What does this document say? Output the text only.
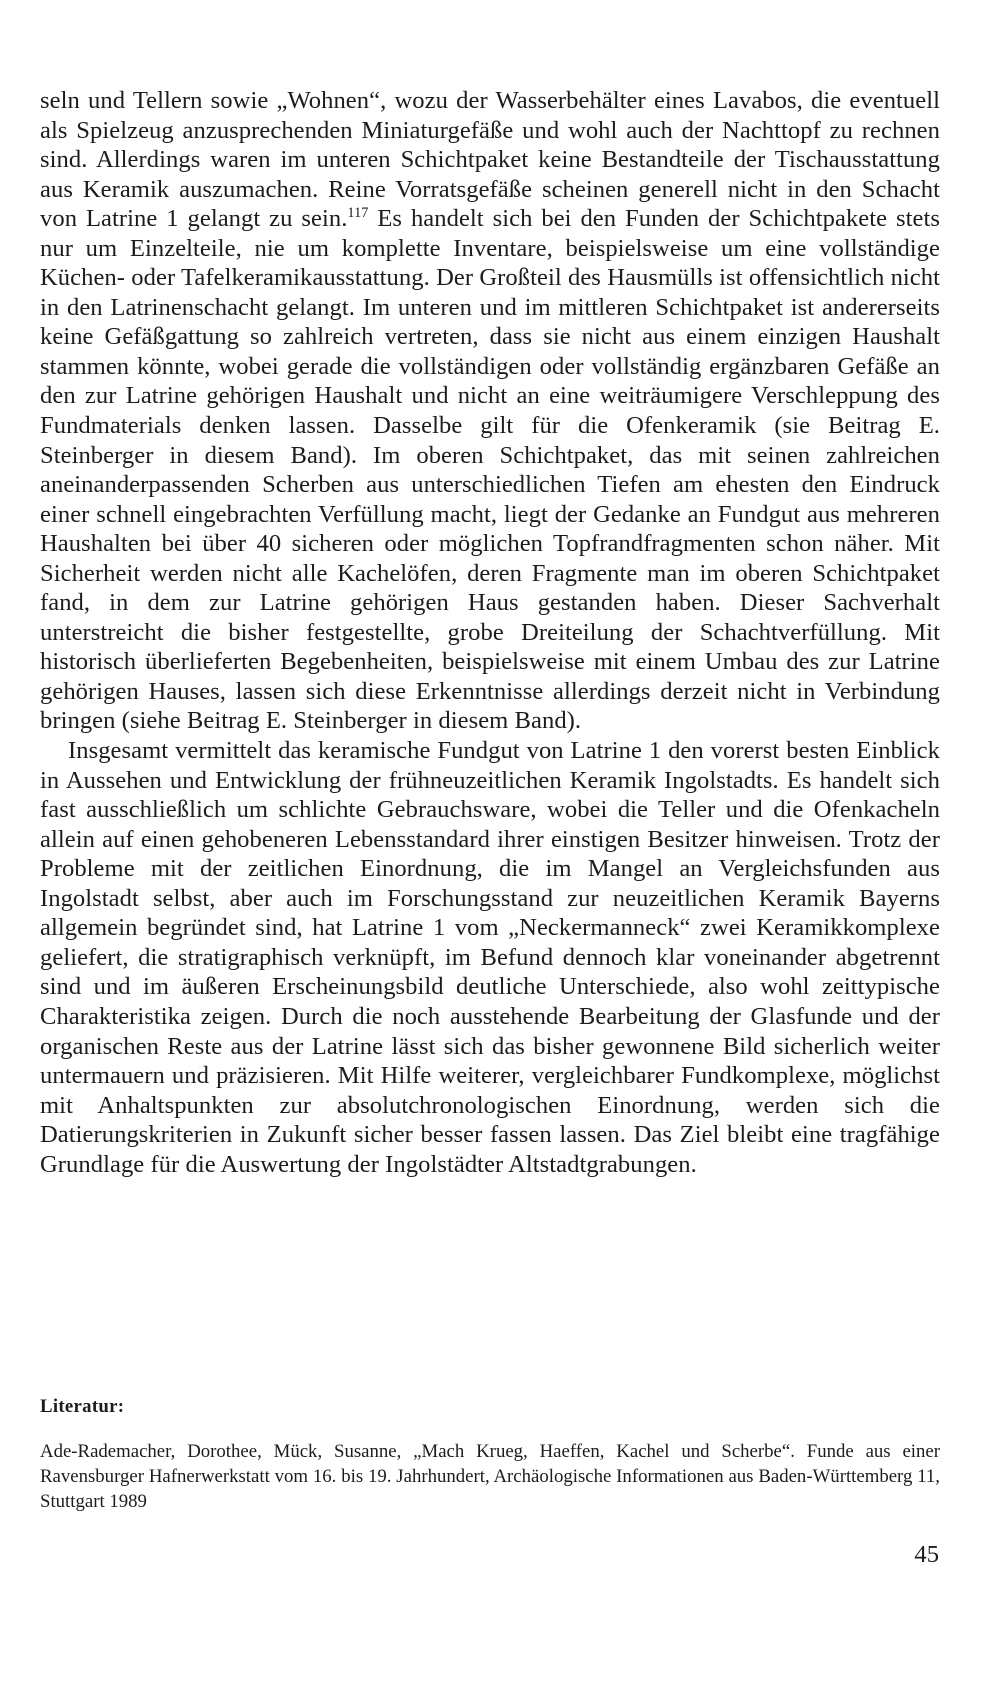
seln und Tellern sowie „Wohnen“, wozu der Wasserbehälter eines Lavabos, die eventuell als Spielzeug anzusprechenden Miniaturgefäße und wohl auch der Nachttopf zu rechnen sind. Allerdings waren im unteren Schichtpaket keine Bestandteile der Tischausstattung aus Keramik auszumachen. Reine Vorratsgefäße scheinen generell nicht in den Schacht von Latrine 1 gelangt zu sein.$^{117}$ Es handelt sich bei den Funden der Schichtpakete stets nur um Einzelteile, nie um komplette Inventare, beispielsweise um eine vollständige Küchen- oder Tafelkeramikausstattung. Der Großteil des Hausmülls ist offensichtlich nicht in den Latrinenschacht gelangt. Im unteren und im mittleren Schichtpaket ist andererseits keine Gefäßgattung so zahlreich vertreten, dass sie nicht aus einem einzigen Haushalt stammen könnte, wobei gerade die vollständigen oder vollständig ergänzbaren Gefäße an den zur Latrine gehörigen Haushalt und nicht an eine weiträumigere Verschleppung des Fundmaterials denken lassen. Dasselbe gilt für die Ofenkeramik (sie Beitrag E. Steinberger in diesem Band). Im oberen Schichtpaket, das mit seinen zahlreichen aneinanderpassenden Scherben aus unterschiedlichen Tiefen am ehesten den Eindruck einer schnell eingebrachten Verfüllung macht, liegt der Gedanke an Fundgut aus mehreren Haushalten bei über 40 sicheren oder möglichen Topfrandfragmenten schon näher. Mit Sicherheit werden nicht alle Kachelöfen, deren Fragmente man im oberen Schichtpaket fand, in dem zur Latrine gehörigen Haus gestanden haben. Dieser Sachverhalt unterstreicht die bisher festgestellte, grobe Dreiteilung der Schachtverfüllung. Mit historisch überlieferten Begebenheiten, beispielsweise mit einem Umbau des zur Latrine gehörigen Hauses, lassen sich diese Erkenntnisse allerdings derzeit nicht in Verbindung bringen (siehe Beitrag E. Steinberger in diesem Band).

Insgesamt vermittelt das keramische Fundgut von Latrine 1 den vorerst besten Einblick in Aussehen und Entwicklung der frühneuzeitlichen Keramik Ingolstadts. Es handelt sich fast ausschließlich um schlichte Gebrauchsware, wobei die Teller und die Ofenkacheln allein auf einen gehobeneren Lebensstandard ihrer einstigen Besitzer hinweisen. Trotz der Probleme mit der zeitlichen Einordnung, die im Mangel an Vergleichsfunden aus Ingolstadt selbst, aber auch im Forschungsstand zur neuzeitlichen Keramik Bayerns allgemein begründet sind, hat Latrine 1 vom „Neckermanneck“ zwei Keramikkomplexe geliefert, die stratigraphisch verknüpft, im Befund dennoch klar voneinander abgetrennt sind und im äußeren Erscheinungsbild deutliche Unterschiede, also wohl zeittypische Charakteristika zeigen. Durch die noch ausstehende Bearbeitung der Glasfunde und der organischen Reste aus der Latrine lässt sich das bisher gewonnene Bild sicherlich weiter untermauern und präzisieren. Mit Hilfe weiterer, vergleichbarer Fundkomplexe, möglichst mit Anhaltspunkten zur absolutchronologischen Einordnung, werden sich die Datierungskriterien in Zukunft sicher besser fassen lassen. Das Ziel bleibt eine tragfähige Grundlage für die Auswertung der Ingolstädter Altstadtgrabungen.

Literatur:

Ade-Rademacher, Dorothee, Mück, Susanne, „Mach Krueg, Haeffen, Kachel und Scherbe“. Funde aus einer Ravensburger Hafnerwerkstatt vom 16. bis 19. Jahrhundert, Archäologische Informationen aus Baden-Württemberg 11, Stuttgart 1989

45
